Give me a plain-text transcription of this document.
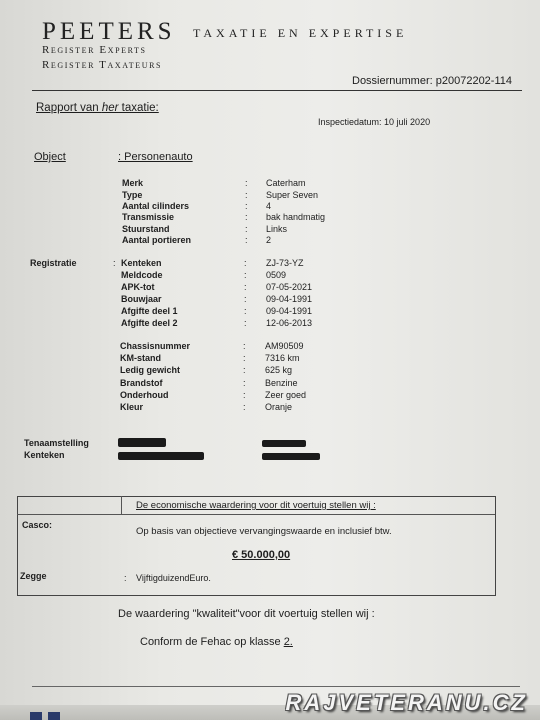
PEETERS TAXATIE EN EXPERTISE
Register Experts
Register Taxateurs
Dossiernummer: p20072202-114
Rapport van her taxatie:
Inspectiedatum: 10 juli 2020
Object	: Personenauto
Merk	: Caterham
Type	: Super Seven
Aantal cilinders	: 4
Transmissie	: bak handmatig
Stuurstand	: Links
Aantal portieren	: 2
Registratie	: Kenteken	: ZJ-73-YZ
Meldcode	: 0509
APK-tot	: 07-05-2021
Bouwjaar	: 09-04-1991
Afgifte deel 1	: 09-04-1991
Afgifte deel 2	: 12-06-2013
Chassisnummer	: AM90509
KM-stand	: 7316 km
Ledig gewicht	: 625 kg
Brandstof	: Benzine
Onderhoud	: Zeer goed
Kleur	: Oranje
Tenaamstelling
Kenteken
De economische waardering voor dit voertuig stellen wij :
Casco:
Op basis van objectieve vervangingswaarde en inclusief btw.
€ 50.000,00
Zegge	: VijftigduizendEuro.
De waardering "kwaliteit"voor dit voertuig stellen wij :
Conform de Fehac op klasse 2.
RAJVETERANU.CZ
